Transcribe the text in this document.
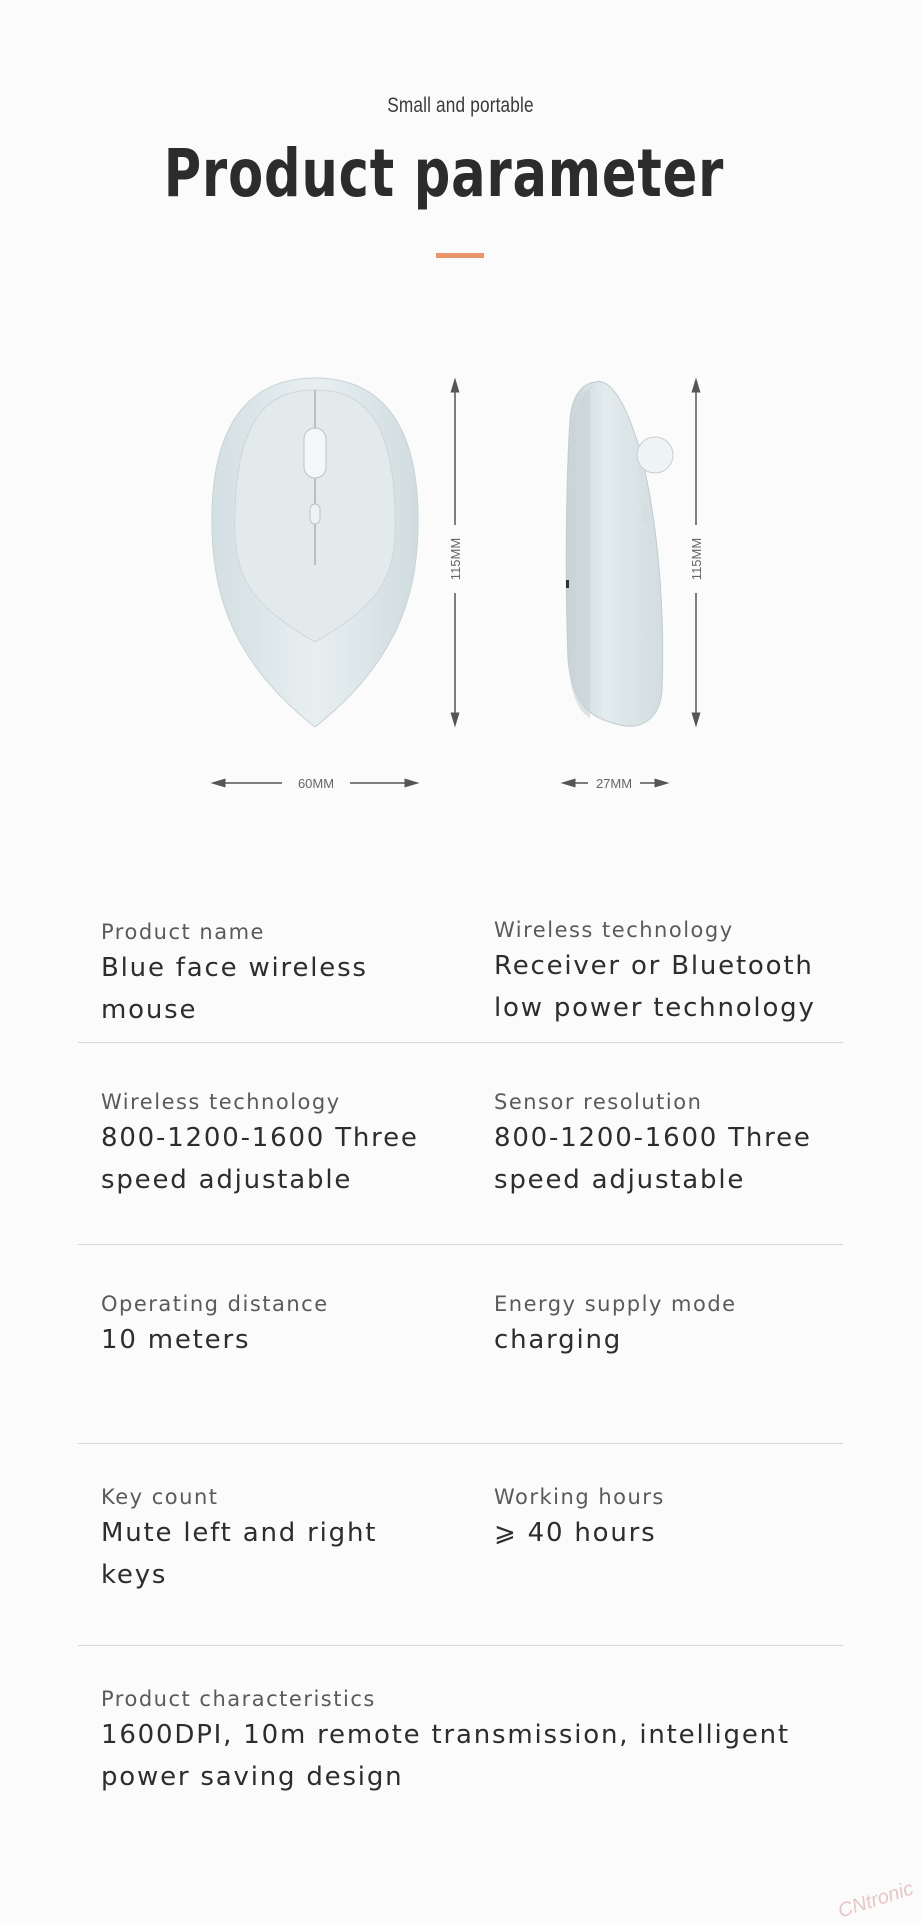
Small and portable
Product parameter
115MM
60MM
115MM
27MM
Product name
Blue face wireless mouse
Wireless technology
Receiver or Bluetooth low power technology
Wireless technology
800-1200-1600 Three speed adjustable
Sensor resolution
800-1200-1600 Three speed adjustable
Operating distance
10 meters
Energy supply mode
charging
Key count
Mute left and right keys
Working hours
⩾ 40 hours
Product characteristics
1600DPI, 10m remote transmission, intelligent power saving design
CNtronic
